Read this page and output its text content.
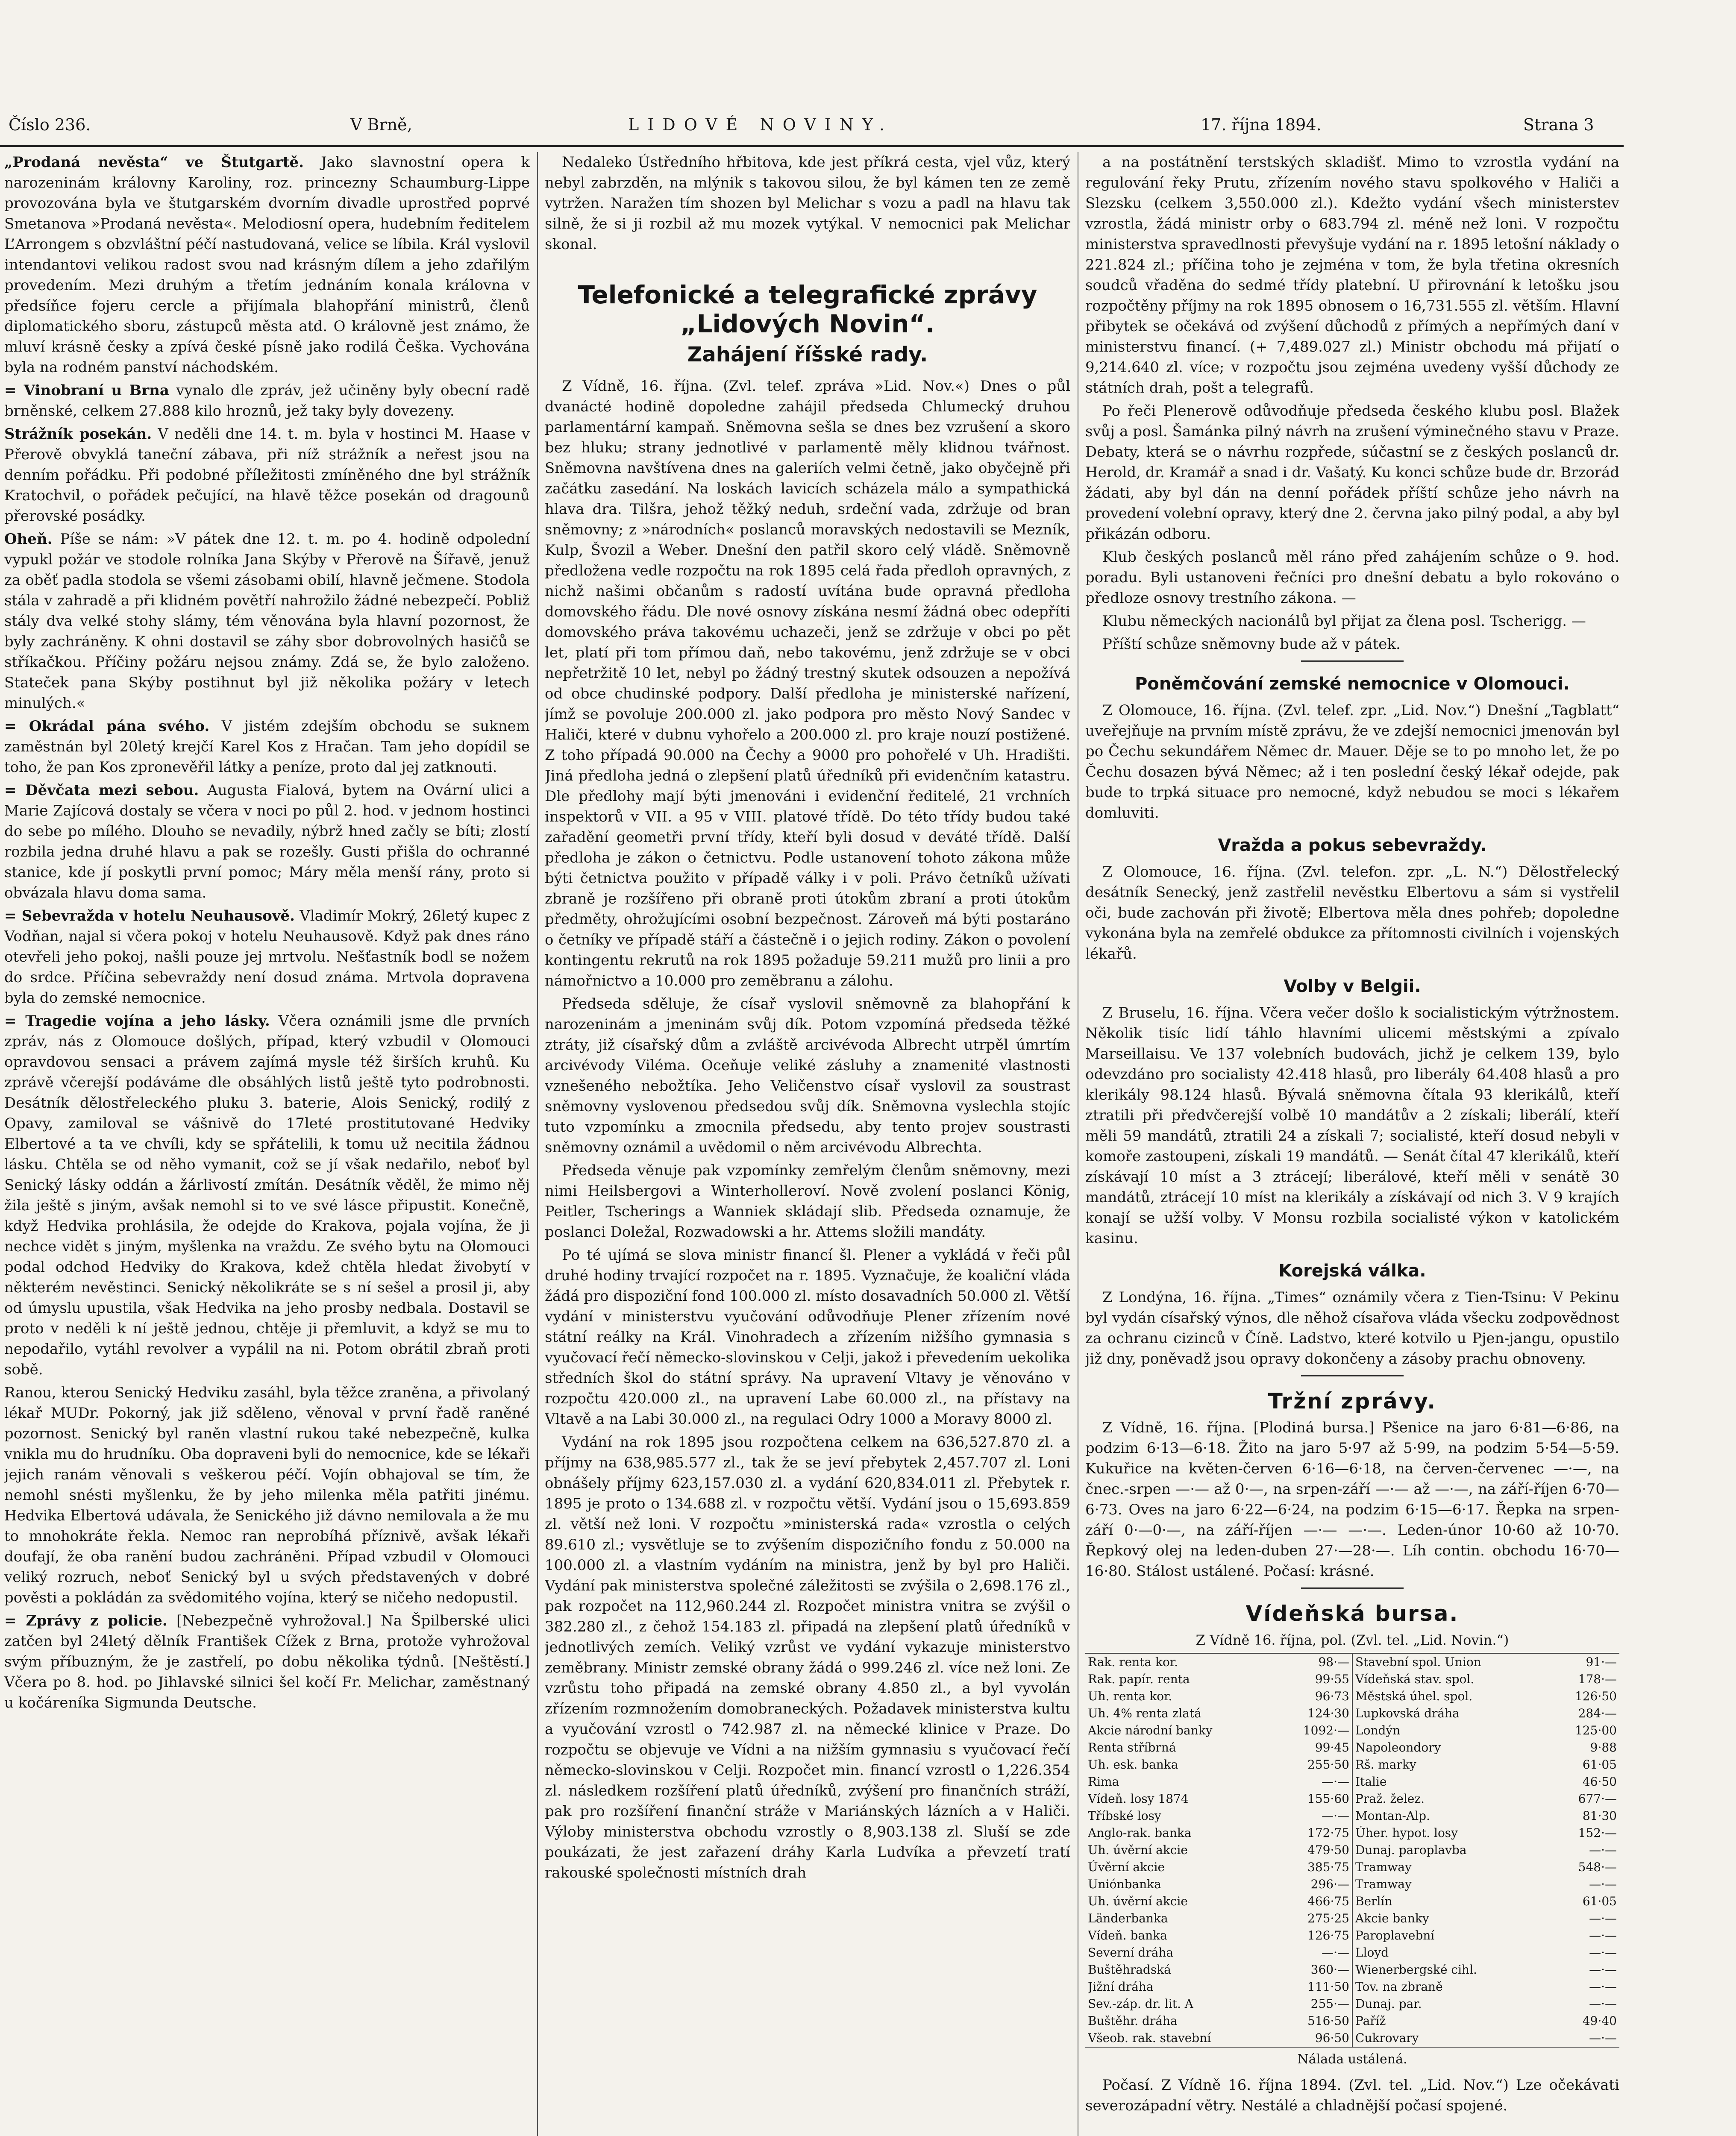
Číslo 236.	V Brně,	LIDOVÉ NOVINY.	17. října 1894.	Strana 3
„Prodaná nevěsta“ ve Štutgartě. Jako slavnostní opera k narozeninám královny Karoliny, roz. princezny Schaumburg-Lippe provozována byla ve štutgarském dvorním divadle uprostřed poprvé Smetanova »Prodaná nevěsta«. Melodiosní opera, hudebním ředitelem L’Arrongem s obzvláštní péčí nastudovaná, velice se líbila. Král vyslovil intendantovi velikou radost svou nad krásným dílem a jeho zdařilým provedením. Mezi druhým a třetím jednáním konala královna v předsíňce fojeru cercle a přijímala blahopřání ministrů, členů diplomatického sboru, zástupců města atd. O královně jest známo, že mluví krásně česky a zpívá české písně jako rodilá Češka. Vychována byla na rodném panství náchodském.
= Vinobraní u Brna vynalo dle zpráv, jež učiněny byly obecní radě brněnské, celkem 27.888 kilo hroznů, jež taky byly dovezeny.
Strážník posekán. V neděli dne 14. t. m. byla v hostinci M. Haase v Přerově obvyklá taneční zábava, při níž strážník a neřest jsou na denním pořádku. Při podobné příležitosti zmíněného dne byl strážník Kratochvil, o pořádek pečující, na hlavě těžce posekán od dragounů přerovské posádky.
Oheň. Píše se nám: »V pátek dne 12. t. m. po 4. hodině odpolední vypukl požár ve stodole rolníka Jana Skýby v Přerově na Šířavě, jenuž za oběť padla stodola se všemi zásobami obilí, hlavně ječmene. Stodola stála v zahradě a při klidném povětří nahrožilo žádné nebezpečí. Pobliž stály dva velké stohy slámy, tém věnována byla hlavní pozornost, že byly zachráněny. K ohni dostavil se záhy sbor dobrovolných hasičů se stříkačkou. Příčiny požáru nejsou známy. Zdá se, že bylo založeno. Stateček pana Skýby postihnut byl již několika požáry v letech minulých.«
= Okrádal pána svého. V jistém zdejším obchodu se suknem zaměstnán byl 20letý krejčí Karel Kos z Hračan. Tam jeho dopídil se toho, že pan Kos zpronevěřil látky a peníze, proto dal jej zatknouti.
= Děvčata mezi sebou. Augusta Fialová, bytem na Ovární ulici a Marie Zajícová dostaly se včera v noci po půl 2. hod. v jednom hostinci do sebe po mílého. Dlouho se nevadily, nýbrž hned začly se bíti; zlostí rozbila jedna druhé hlavu a pak se rozešly. Gusti přišla do ochranné stanice, kde jí poskytli první pomoc; Máry měla menší rány, proto si obvázala hlavu doma sama.
= Sebevražda v hotelu Neuhausově. Vladimír Mokrý, 26letý kupec z Vodňan, najal si včera pokoj v hotelu Neuhausově. Když pak dnes ráno otevřeli jeho pokoj, našli pouze jej mrtvolu. Nešťastník bodl se nožem do srdce. Příčina sebevraždy není dosud známa. Mrtvola dopravena byla do zemské nemocnice.
= Tragedie vojína a jeho lásky. Včera oznámili jsme dle prvních zpráv, nás z Olomouce došlých, případ, který vzbudil v Olomouci opravdovou sensaci a právem zajímá mysle též širších kruhů. Ku zprávě včerejší podáváme dle obsáhlých listů ještě tyto podrobnosti. Desátník dělostřeleckého pluku 3. baterie, Alois Senický, rodilý z Opavy, zamiloval se vášnivě do 17leté prostitutované Hedviky Elbertové a ta ve chvíli, kdy se spřátelili, k tomu už necitila žádnou lásku. Chtěla se od něho vymanit, což se jí však nedařilo, neboť byl Senický lásky oddán a žárlivostí zmítán. Desátník věděl, že mimo něj žila ještě s jiným, avšak nemohl si to ve své lásce připustit. Konečně, když Hedvika prohlásila, že odejde do Krakova, pojala vojína, že ji nechce vidět s jiným, myšlenka na vraždu. Ze svého bytu na Olomouci podal odchod Hedviky do Krakova, kdež chtěla hledat živobytí v některém nevěstinci. Senický několikráte se s ní sešel a prosil ji, aby od úmyslu upustila, však Hedvika na jeho prosby nedbala. Dostavil se proto v neděli k ní ještě jednou, chtěje ji přemluvit, a když se mu to nepodařilo, vytáhl revolver a vypálil na ni. Potom obrátil zbraň proti sobě.
Ranou, kterou Senický Hedviku zasáhl, byla těžce zraněna, a přivolaný lékař MUDr. Pokorný, jak již sděleno, věnoval v první řadě raněné pozornost. Senický byl raněn vlastní rukou také nebezpečně, kulka vnikla mu do hrudníku. Oba dopraveni byli do nemocnice, kde se lékaři jejich ranám věnovali s veškerou péčí. Vojín obhajoval se tím, že nemohl snésti myšlenku, že by jeho milenka měla patřiti jinému. Hedvika Elbertová udávala, že Senického již dávno nemilovala a že mu to mnohokráte řekla. Nemoc ran neprobíhá příznivě, avšak lékaři doufají, že oba ranění budou zachráněni. Případ vzbudil v Olomouci veliký rozruch, neboť Senický byl u svých představených v dobré pověsti a pokládán za svědomitého vojína, který se ničeho nedopustil.
= Zprávy z policie. [Nebezpečně vyhrožoval.] Na Špilberské ulici zatčen byl 24letý dělník František Cížek z Brna, protože vyhrožoval svým příbuzným, že je zastřelí, po dobu několika týdnů. [Neštěstí.] Včera po 8. hod. po Jihlavské silnici šel kočí Fr. Melichar, zaměstnaný u kočáreníka Sigmunda Deutsche.

Nedaleko Ústředního hřbitova, kde jest příkrá cesta, vjel vůz, který nebyl zabrzděn, na mlýnik s takovou silou, že byl kámen ten ze země vytržen. Naražen tím shozen byl Melichar s vozu a padl na hlavu tak silně, že si ji rozbil až mu mozek vytýkal. V nemocnici pak Melichar skonal.

Telefonické a telegrafické zprávy „Lidových Novin“.
Zahájení říšské rady.

Z Vídně, 16. října. (Zvl. telef. zpráva »Lid. Nov.«) Dnes o půl dvanácté hodině dopoledne zahájil předseda Chlumecký druhou parlamentární kampaň. Sněmovna sešla se dnes bez vzrušení a skoro bez hluku; strany jednotlivé v parlamentě měly klidnou tvářnost. Sněmovna navštívena dnes na galeriích velmi četně, jako obyčejně při začátku zasedání. Na loskách lavicích scházela málo a sympathická hlava dra. Tilšra, jehož těžký neduh, srdeční vada, zdržuje od bran sněmovny; z »národních« poslanců moravských nedostavili se Mezník, Kulp, Švozil a Weber. Dnešní den patřil skoro celý vládě. Sněmovně předložena vedle rozpočtu na rok 1895 celá řada předloh opravných, z nichž našimi občanům s radostí uvítána bude opravná předloha domovského řádu. Dle nové osnovy získána nesmí žádná obec odepříti domovského práva takovému uchazeči, jenž se zdržuje v obci po pět let, platí při tom přímou daň, nebo takovému, jenž zdržuje se v obci nepřetržitě 10 let, nebyl po žádný trestný skutek odsouzen a nepožívá od obce chudinské podpory. Další předloha je ministerské nařízení, jímž se povoluje 200.000 zl. jako podpora pro město Nový Sandec v Haliči, které v dubnu vyhořelo a 200.000 zl. pro kraje nouzí postižené. Z toho případá 90.000 na Čechy a 9000 pro pohořelé v Uh. Hradišti. Jiná předloha jedná o zlepšení platů úředníků při evidenčním katastru. Dle předlohy mají býti jmenováni i evidenční ředitelé, 21 vrchních inspektorů v VII. a 95 v VIII. platové třídě. Do této třídy budou také zařadění geometři první třídy, kteří byli dosud v deváté třídě. Další předloha je zákon o četnictvu. Podle ustanovení tohoto zákona může býti četnictva použito v případě války i v poli. Právo četníků užívati zbraně je rozšířeno při obraně proti útokům zbraní a proti útokům předměty, ohrožujícími osobní bezpečnost. Zároveň má býti postaráno o četníky ve případě stáří a částečně i o jejich rodiny. Zákon o povolení kontingentu rekrutů na rok 1895 požaduje 59.211 mužů pro linii a pro námořnictvo a 10.000 pro zeměbranu a zálohu.

Předseda sděluje, že císař vyslovil sněmovně za blahopřání k narozeninám a jmeninám svůj dík. Potom vzpomíná předseda těžké ztráty, již císařský dům a zvláště arcivévoda Albrecht utrpěl úmrtím arcivévody Viléma. Oceňuje veliké zásluhy a znamenité vlastnosti vznešeného nebožtíka. Jeho Veličenstvo císař vyslovil za soustrast sněmovny vyslovenou předsedou svůj dík. Sněmovna vyslechla stojíc tuto vzpomínku a zmocnila předsedu, aby tento projev soustrasti sněmovny oznámil a uvědomil o něm arcivévodu Albrechta.

Předseda věnuje pak vzpomínky zemřelým členům sněmovny, mezi nimi Heilsbergovi a Winterholleroví. Nově zvolení poslanci König, Peitler, Tscherings a Wanniek skládají slib. Předseda oznamuje, že poslanci Doležal, Rozwadowski a hr. Attems složili mandáty.

Po té ujímá se slova ministr financí šl. Plener a vykládá v řeči půl druhé hodiny trvající rozpočet na r. 1895. Vyznačuje, že koaliční vláda žádá pro dispoziční fond 100.000 zl. místo dosavadních 50.000 zl. Větší vydání v ministerstvu vyučování odůvodňuje Plener zřízením nové státní reálky na Král. Vinohradech a zřízením nižšího gymnasia s vyučovací řečí německo-slovinskou v Celji, jakož i převedením uekolika středních škol do státní správy. Na upravení Vltavy je věnováno v rozpočtu 420.000 zl., na upravení Labe 60.000 zl., na přístavy na Vltavě a na Labi 30.000 zl., na regulaci Odry 1000 a Moravy 8000 zl.

Vydání na rok 1895 jsou rozpočtena celkem na 636,527.870 zl. a příjmy na 638,985.577 zl., tak že se jeví přebytek 2,457.707 zl. Loni obnášely příjmy 623,157.030 zl. a vydání 620,834.011 zl. Přebytek r. 1895 je proto o 134.688 zl. v rozpočtu větší. Vydání jsou o 15,693.859 zl. větší než loni. V rozpočtu »ministerská rada« vzrostla o celých 89.610 zl.; vysvětluje se to zvýšením dispozičního fondu z 50.000 na 100.000 zl. a vlastním vydáním na ministra, jenž by byl pro Haliči. Vydání pak ministerstva společné záležitosti se zvýšila o 2,698.176 zl., pak rozpočet na 112,960.244 zl. Rozpočet ministra vnitra se zvýšil o 382.280 zl., z čehož 154.183 zl. připadá na zlepšení platů úředníků v jednotlivých zemích. Veliký vzrůst ve vydání vykazuje ministerstvo zeměbrany. Ministr zemské obrany žádá o 999.246 zl. více než loni. Ze vzrůstu toho připadá na zemské obrany 4.850 zl., a byl vyvolán zřízením rozmnožením domobraneckých. Požadavek ministerstva kultu a vyučování vzrostl o 742.987 zl. na německé klinice v Praze. Do rozpočtu se objevuje ve Vídni a na nižším gymnasiu s vyučovací řečí německo-slovinskou v Celji. Rozpočet min. financí vzrostl o 1,226.354 zl. následkem rozšíření platů úředníků, zvýšení pro finančních stráží, pak pro rozšíření finanční stráže v Mariánských lázních a v Haliči. Výloby ministerstva obchodu vzrostly o 8,903.138 zl. Sluší se zde poukázati, že jest zařazení dráhy Karla Ludvíka a převzetí tratí rakouské společnosti místních drah

a na postátnění terstských skladišť. Mimo to vzrostla vydání na regulování řeky Prutu, zřízením nového stavu spolkového v Haliči a Slezsku (celkem 3,550.000 zl.). Kdežto vydání všech ministerstev vzrostla, žádá ministr orby o 683.794 zl. méně než loni. V rozpočtu ministerstva spravedlnosti převyšuje vydání na r. 1895 letošní náklady o 221.824 zl.; příčina toho je zejména v tom, že byla třetina okresních soudců vřaděna do sedmé třídy platební. U přirovnání k letošku jsou rozpočtěny příjmy na rok 1895 obnosem o 16,731.555 zl. větším. Hlavní přibytek se očekává od zvýšení důchodů z přímých a nepřímých daní v ministerstvu financí. (+ 7,489.027 zl.) Ministr obchodu má přijatí o 9,214.640 zl. více; v rozpočtu jsou zejména uvedeny vyšší důchody ze státních drah, pošt a telegrafů.

Po řeči Plenerově odůvodňuje předseda českého klubu posl. Blažek svůj a posl. Šamánka pilný návrh na zrušení výminečného stavu v Praze. Debaty, která se o návrhu rozpřede, súčastní se z českých poslanců dr. Herold, dr. Kramář a snad i dr. Vašatý. Ku konci schůze bude dr. Brzorád žádati, aby byl dán na denní pořádek příští schůze jeho návrh na provedení volební opravy, který dne 2. června jako pilný podal, a aby byl přikázán odboru.

Klub českých poslanců měl ráno před zahájením schůze o 9. hod. poradu. Byli ustanoveni řečníci pro dnešní debatu a bylo rokováno o předloze osnovy trestního zákona. —

Klubu německých nacionálů byl přijat za člena posl. Tscherigg. —

Příští schůze sněmovny bude až v pátek.

Poněmčování zemské nemocnice v Olomouci.

Z Olomouce, 16. října. (Zvl. telef. zpr. „Lid. Nov.“) Dnešní „Tagblatt“ uveřejňuje na prvním místě zprávu, že ve zdejší nemocnici jmenován byl po Čechu sekundářem Němec dr. Mauer. Děje se to po mnoho let, že po Čechu dosazen bývá Němec; až i ten poslední český lékař odejde, pak bude to trpká situace pro nemocné, když nebudou se moci s lékařem domluviti.

Vražda a pokus sebevraždy.

Z Olomouce, 16. října. (Zvl. telefon. zpr. „L. N.“) Dělostřelecký desátník Senecký, jenž zastřelil nevěstku Elbertovu a sám si vystřelil oči, bude zachován při životě; Elbertova měla dnes pohřeb; dopoledne vykonána byla na zemřelé obdukce za přítomnosti civilních i vojenských lékařů.

Volby v Belgii.

Z Bruselu, 16. října. Včera večer došlo k socialistickým výtržnostem. Několik tisíc lidí táhlo hlavními ulicemi městskými a zpívalo Marseillaisu. Ve 137 volebních budovách, jichž je celkem 139, bylo odevzdáno pro socialisty 42.418 hlasů, pro liberály 64.408 hlasů a pro klerikály 98.124 hlasů. Bývalá sněmovna čítala 93 klerikálů, kteří ztratili při předvčerejší volbě 10 mandátův a 2 získali; liberálí, kteří měli 59 mandátů, ztratili 24 a získali 7; socialisté, kteří dosud nebyli v komoře zastoupeni, získali 19 mandátů. — Senát čítal 47 klerikálů, kteří získávají 10 míst a 3 ztrácejí; liberálové, kteří měli v senátě 30 mandátů, ztrácejí 10 míst na klerikály a získávají od nich 3. V 9 krajích konají se užší volby. V Monsu rozbila socialisté výkon v katolickém kasinu.

Korejská válka.

Z Londýna, 16. října. „Times“ oznámily včera z Tien-Tsinu: V Pekinu byl vydán císařský výnos, dle něhož císařova vláda všecku zodpovědnost za ochranu cizinců v Číně. Ladstvo, které kotvilo u Pjen-jangu, opustilo již dny, poněvadž jsou opravy dokončeny a zásoby prachu obnoveny.

Tržní zprávy.

Z Vídně, 16. října. [Plodiná bursa.] Pšenice na jaro 6·81—6·86, na podzim 6·13—6·18. Žito na jaro 5·97 až 5·99, na podzim 5·54—5·59. Kukuřice na květen-červen 6·16—6·18, na červen-červenec —·—, na čnec.-srpen —·— až 0·—, na srpen-září —·— až —·—, na září-říjen 6·70—6·73. Oves na jaro 6·22—6·24, na podzim 6·15—6·17. Řepka na srpen-září 0·—0·—, na září-říjen —·— —·—. Leden-únor 10·60 až 10·70. Řepkový olej na leden-duben 27·—28·—. Líh contin. obchodu 16·70—16·80. Stálost ustálené. Počasí: krásné.

Vídeňská bursa.
Z Vídně 16. října, pol. (Zvl. tel. „Lid. Novin.“)
Rak. renta kor.	98·—
Rak. papír. renta	99·55
Uh. renta kor.	96·73
Uh. 4% renta zlatá	124·30
Akcie národní banky	1092·—
Renta stříbrná	99·45
Uh. esk. banka	255·50
Rima	—·—
Vídeň. losy 1874	155·60
Tříbské losy	—·—
Anglo-rak. banka	172·75
Uh. úvěrní akcie	479·50
Úvěrní akcie	385·75
Uniónbanka	296·—
Uh. úvěrní akcie	466·75
Länderbanka	275·25
Vídeň. banka	126·75
Severní dráha	—·—
Buštěhradská	360·—
Jižní dráha	111·50
Sev.-záp. dr. lit. A	255·—
Buštěhr. dráha	516·50
Všeob. rak. stavební	96·50
Stavební spol. Union	91·—
Vídeňská stav. spol.	178·—
Městská úhel. spol.	126·50
Lupkovská dráha	284·—
Londýn	125·00
Napoleondory	9·88
Rš. marky	61·05
Italie	46·50
Praž. želez.	677·—
Montan-Alp.	81·30
Úher. hypot. losy	152·—
Dunaj. paroplavba	—·—
Tramway	548·—
Tramway	—·—
Berlín	61·05
Akcie banky	—·—
Paroplavební	—·—
Lloyd	—·—
Wienerbergské cihl.	—·—
Tov. na zbraně	—·—
Dunaj. par.	—·—
Paříž	49·40
Cukrovary	—·—
Nálada ustálená.

Počasí. Z Vídně 16. října 1894. (Zvl. tel. „Lid. Nov.“) Lze očekávati severozápadní větry. Nestálé a chladnější počasí spojené.
